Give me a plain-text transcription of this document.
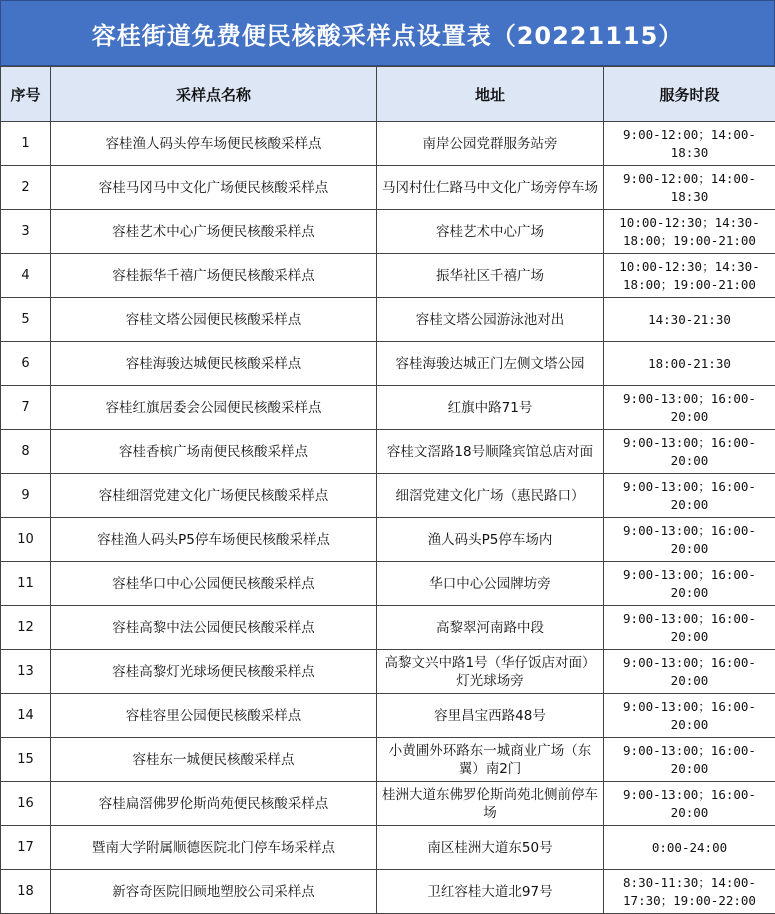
容桂街道免费便民核酸采样点设置表（20221115）
序号	采样点名称	地址	服务时段
1	容桂渔人码头停车场便民核酸采样点	南岸公园党群服务站旁	9:00-12:00；14:00-18:30
2	容桂马冈马中文化广场便民核酸采样点	马冈村仕仁路马中文化广场旁停车场	9:00-12:00；14:00-18:30
3	容桂艺术中心广场便民核酸采样点	容桂艺术中心广场	10:00-12:30；14:30-18:00；19:00-21:00
4	容桂振华千禧广场便民核酸采样点	振华社区千禧广场	10:00-12:30；14:30-18:00；19:00-21:00
5	容桂文塔公园便民核酸采样点	容桂文塔公园游泳池对出	14:30-21:30
6	容桂海骏达城便民核酸采样点	容桂海骏达城正门左侧文塔公园	18:00-21:30
7	容桂红旗居委会公园便民核酸采样点	红旗中路71号	9:00-13:00；16:00-20:00
8	容桂香槟广场南便民核酸采样点	容桂文滘路18号顺隆宾馆总店对面	9:00-13:00；16:00-20:00
9	容桂细滘党建文化广场便民核酸采样点	细滘党建文化广场（惠民路口）	9:00-13:00；16:00-20:00
10	容桂渔人码头P5停车场便民核酸采样点	渔人码头P5停车场内	9:00-13:00；16:00-20:00
11	容桂华口中心公园便民核酸采样点	华口中心公园牌坊旁	9:00-13:00；16:00-20:00
12	容桂高黎中法公园便民核酸采样点	高黎翠河南路中段	9:00-13:00；16:00-20:00
13	容桂高黎灯光球场便民核酸采样点	高黎文兴中路1号（华仔饭店对面）灯光球场旁	9:00-13:00；16:00-20:00
14	容桂容里公园便民核酸采样点	容里昌宝西路48号	9:00-13:00；16:00-20:00
15	容桂东一城便民核酸采样点	小黄圃外环路东一城商业广场（东翼）南2门	9:00-13:00；16:00-20:00
16	容桂扁滘佛罗伦斯尚苑便民核酸采样点	桂洲大道东佛罗伦斯尚苑北侧前停车场	9:00-13:00；16:00-20:00
17	暨南大学附属顺德医院北门停车场采样点	南区桂洲大道东50号	0:00-24:00
18	新容奇医院旧顾地塑胶公司采样点	卫红容桂大道北97号	8:30-11:30；14:00-17:30；19:00-22:00
